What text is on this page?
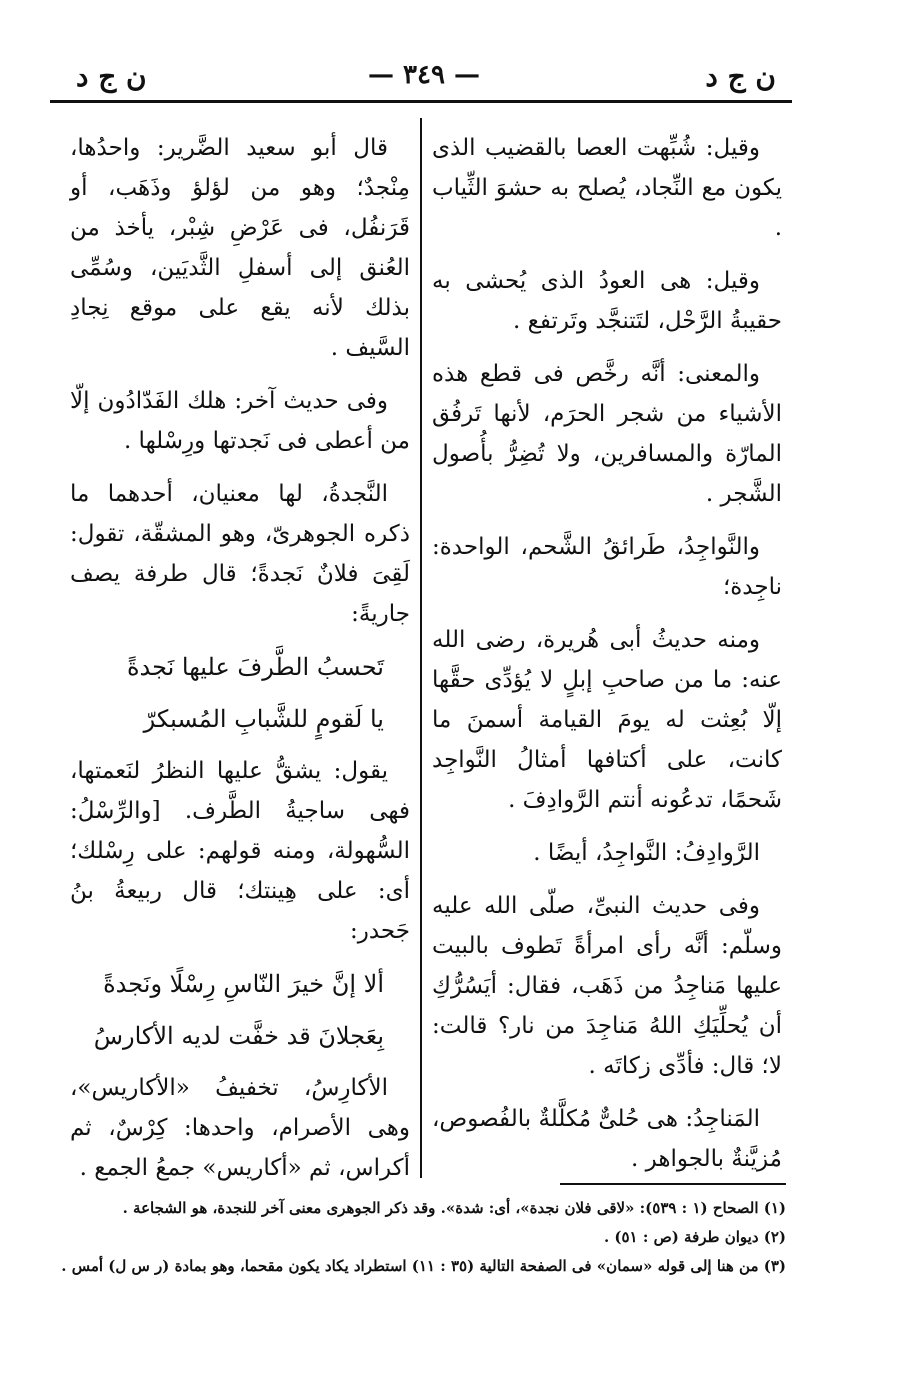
ن ج د
— ٣٤٩ —
ن ج د

وقيل: شُبِّهت العصا بالقضيب الذى يكون مع النِّجاد، يُصلح به حشوَ الثِّياب .

وقيل: هى العودُ الذى يُحشى به حقيبةُ الرَّحْل، لتَتنجَّد وتَرتفع .

والمعنى: أنَّه رخَّص فى قطع هذه الأشياء من شجر الحرَم، لأنها تَرفُق المارّة والمسافرين، ولا تُضِرُّ بأُصول الشَّجر .

والنَّواجِدُ، طَرائقُ الشَّحم، الواحدة: ناجِدة؛

ومنه حديثُ أبى هُريرة، رضى الله عنه: ما من صاحبِ إبلٍ لا يُؤدِّى حقَّها إلّا بُعِثت له يومَ القيامة أسمنَ ما كانت، على أكتافها أمثالُ النَّواجِد شَحمًا، تدعُونه أنتم الرَّوادِفَ .

الرَّوادِفُ: النَّواجِدُ، أيضًا .

وفى حديث النبىِّ، صلّى الله عليه وسلّم: أنَّه رأى امرأةً تَطوف بالبيت عليها مَناجِدُ من ذَهَب، فقال: أيَسُرُّكِ أن يُحلِّيَكِ اللهُ مَناجِدَ من نار؟ قالت: لا؛ قال: فأدِّى زكاتَه .

المَناجِدُ: هى حُلىٌّ مُكلَّلةٌ بالفُصوص، مُزيَّنةٌ بالجواهر .

قال أبو سعيد الضَّرير: واحدُها، مِنْجدٌ؛ وهو من لؤلؤ وذَهَب، أو قَرَنفُل، فى عَرْضِ شِبْر، يأخذ من العُنق إلى أسفلِ الثَّديَين، وسُمِّى بذلك لأنه يقع على موقع نِجادِ السَّيف .

وفى حديث آخر: هلك الفَدّادُون إلّا من أعطى فى نَجدتها ورِسْلها .

النَّجدةُ، لها معنيان، أحدهما ما ذكره الجوهرىّ، وهو المشقّة، تقول: لَقِىَ فلانٌ نَجدةً؛ قال طرفة يصف جاريةً:

تَحسبُ الطَّرفَ عليها نَجدةً

يا لَقومٍ للشَّبابِ المُسبكرّ

يقول: يشقُّ عليها النظرُ لنَعمتها، فهى ساجيةُ الطَّرف. [والرِّسْلُ: السُّهولة، ومنه قولهم: على رِسْلك؛ أى: على هِينتك؛ قال ربيعةُ بنُ جَحدر:

ألا إنَّ خيرَ النّاسِ رِسْلًا ونَجدةً

بِعَجلانَ قد خفَّت لديه الأكارسُ

الأكارِسُ، تخفيفُ «الأكاريس»، وهى الأصرام، واحدها: كِرْسٌ، ثم أكراس، ثم «أكاريس» جمعُ الجمع .

(١) الصحاح (١ : ٥٣٩): «لاقى فلان نجدة»، أى: شدة». وقد ذكر الجوهرى معنى آخر للنجدة، هو الشجاعة .

(٢) ديوان طرفة (ص : ٥١) .

(٣) من هنا إلى قوله «سمان» فى الصفحة التالية (٣٥ : ١١) استطراد يكاد يكون مقحما، وهو بمادة (ر س ل) أمس .
